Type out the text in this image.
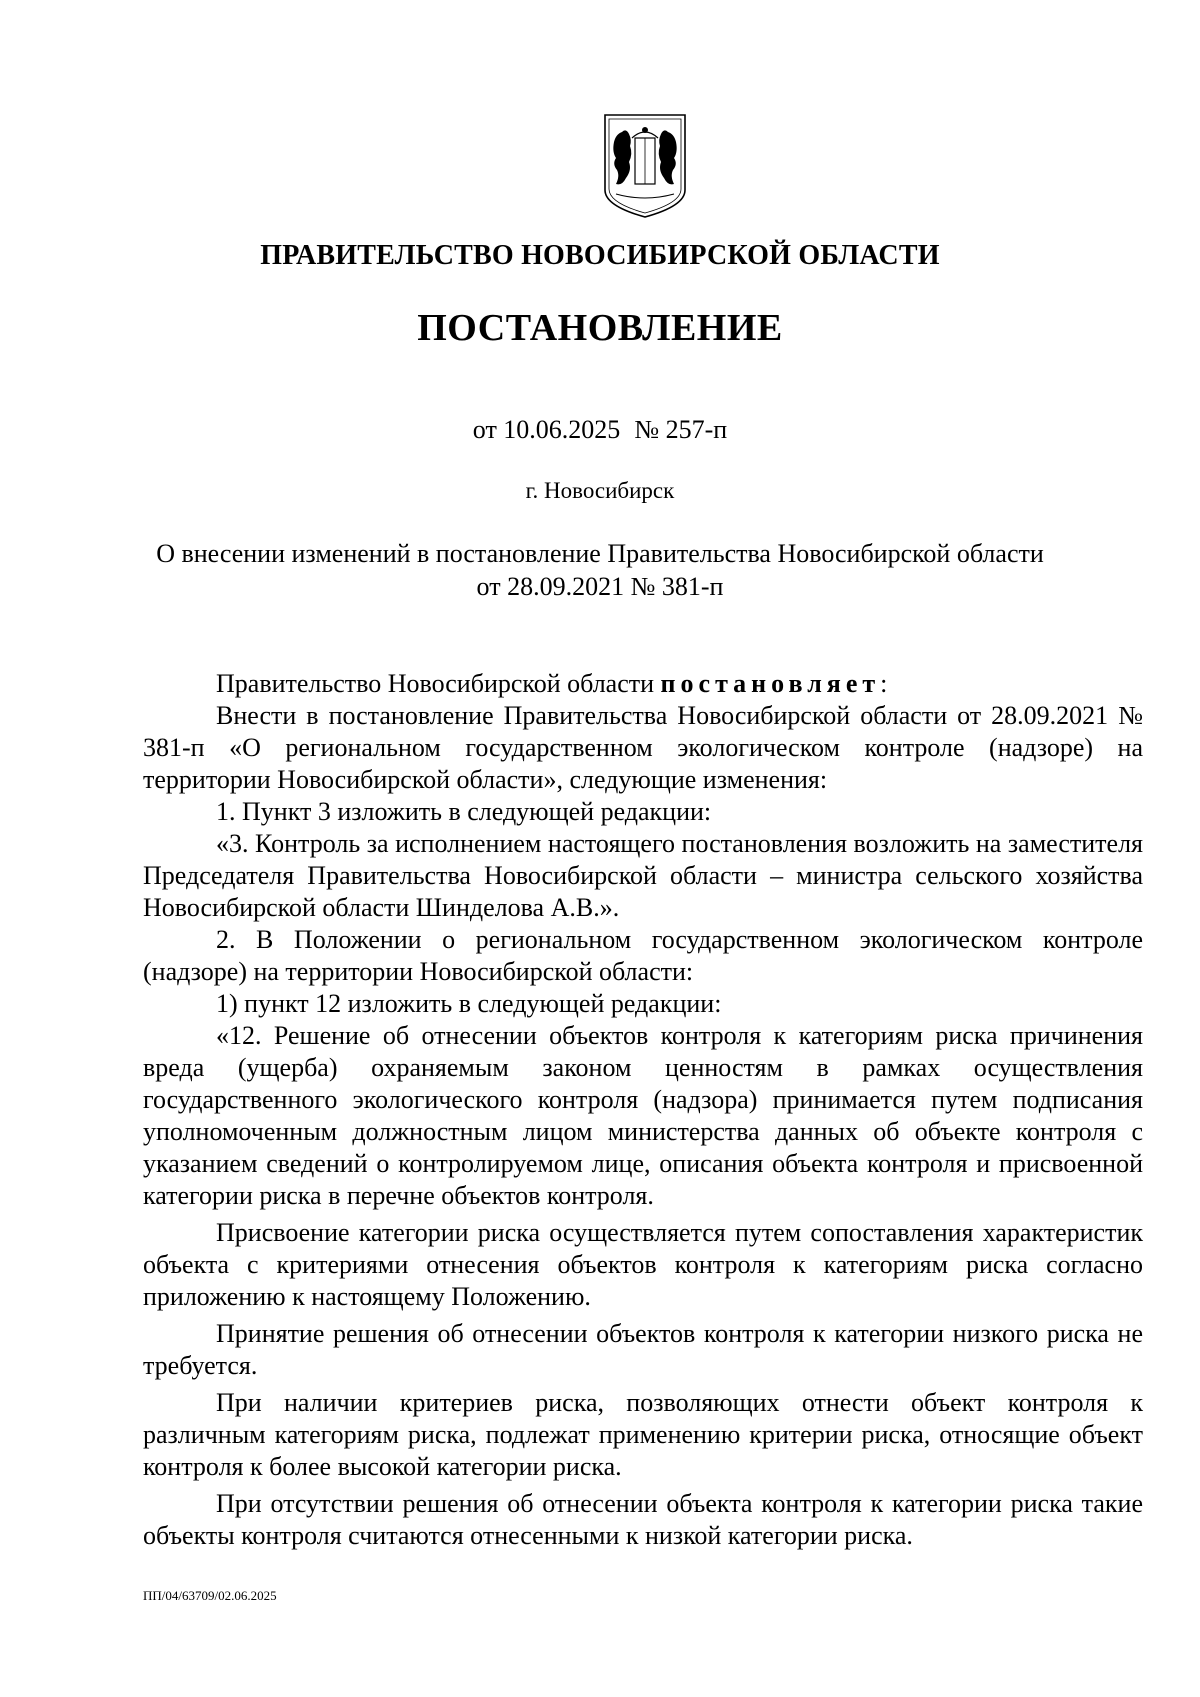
ПРАВИТЕЛЬСТВО НОВОСИБИРСКОЙ ОБЛАСТИ
ПОСТАНОВЛЕНИЕ
от 10.06.2025 № 257-п
г. Новосибирск
О внесении изменений в постановление Правительства Новосибирской области
от 28.09.2021 № 381-п

Правительство Новосибирской области постановляет:

Внести в постановление Правительства Новосибирской области от 28.09.2021 № 381-п «О региональном государственном экологическом контроле (надзоре) на территории Новосибирской области», следующие изменения:

1. Пункт 3 изложить в следующей редакции:

«3. Контроль за исполнением настоящего постановления возложить на заместителя Председателя Правительства Новосибирской области – министра сельского хозяйства Новосибирской области Шинделова А.В.».

2. В Положении о региональном государственном экологическом контроле (надзоре) на территории Новосибирской области:

1) пункт 12 изложить в следующей редакции:

«12. Решение об отнесении объектов контроля к категориям риска причинения вреда (ущерба) охраняемым законом ценностям в рамках осуществления государственного экологического контроля (надзора) принимается путем подписания уполномоченным должностным лицом министерства данных об объекте контроля с указанием сведений о контролируемом лице, описания объекта контроля и присвоенной категории риска в перечне объектов контроля.

Присвоение категории риска осуществляется путем сопоставления характеристик объекта с критериями отнесения объектов контроля к категориям риска согласно приложению к настоящему Положению.

Принятие решения об отнесении объектов контроля к категории низкого риска не требуется.

При наличии критериев риска, позволяющих отнести объект контроля к различным категориям риска, подлежат применению критерии риска, относящие объект контроля к более высокой категории риска.

При отсутствии решения об отнесении объекта контроля к категории риска такие объекты контроля считаются отнесенными к низкой категории риска.

ПП/04/63709/02.06.2025
